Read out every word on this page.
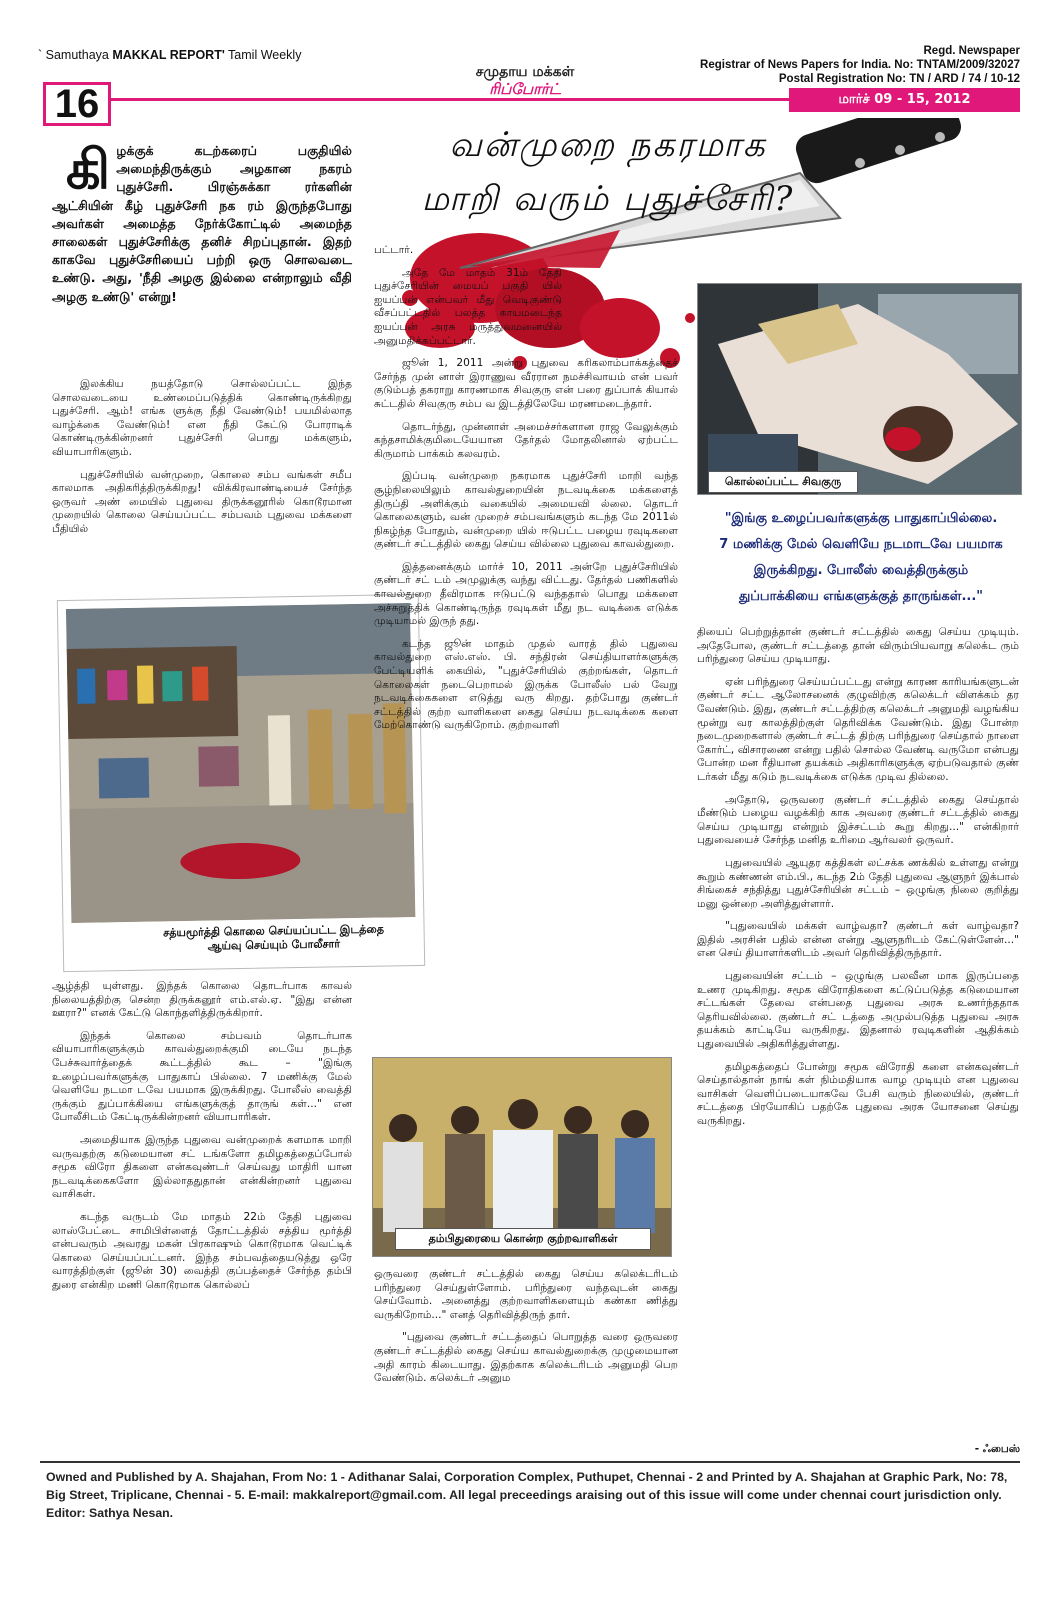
` Samuthaya MAKKAL REPORT' Tamil Weekly	Regd. Newspaper
Registrar of News Papers for India. No: TNTAM/2009/32027
Postal Registration No: TN / ARD / 74 / 10-12
16
சமுதாய மக்கள்
ரிப்போர்ட்
மார்ச் 09 - 15, 2012
வன்முறை நகரமாக
மாறி வரும் புதுச்சேரி?
கிழக்குக் கடற்கரைப் பகுதியில் அமைந்திருக்கும் அழகான நகரம் புதுச்சேரி. பிரஞ்சுக்கா ரர்களின் ஆட்சியின் கீழ் புதுச்சேரி நக ரம் இருந்தபோது அவர்கள் அமைத்த நேர்க்கோட்டில் அமைந்த சாலைகள் புதுச்சேரிக்கு தனிச் சிறப்புதான். இதற் காகவே புதுச்சேரியைப் பற்றி ஒரு சொலவடை உண்டு. அது, 'நீதி அழகு இல்லை என்றாலும் வீதி அழகு உண்டு' என்று!

இலக்கிய நயத்தோடு சொல்லப்பட்ட இந்த சொலவடையை உண்மைப்படுத்திக் கொண்டிருக்கிறது புதுச்சேரி. ஆம்! எங்க ளுக்கு நீதி வேண்டும்! பயமில்லாத வாழ்க்கை வேண்டும்! என நீதி கேட்டு போராடிக் கொண்டிருக்கின்றனர் புதுச்சேரி பொது மக்களும், வியாபாரிகளும்.

புதுச்சேரியில் வன்முறை, கொலை சம்ப வங்கள் சமீப காலமாக அதிகரித்திருக்கிறது! விக்கிரவாண்டியைச் சேர்ந்த ஒருவர் அண் மையில் புதுவை திருக்கனூரில் கொடூரமான முறையில் கொலை செய்யப்பட்ட சம்பவம் புதுவை மக்களை பீதியில்

சத்யமூர்த்தி கொலை செய்யப்பட்ட இடத்தை ஆய்வு செய்யும் போலீசார்

ஆழ்த்தி யுள்ளது. இந்தக் கொலை தொடர்பாக காவல் நிலையத்திற்கு சென்ற திருக்கனூர் எம்.எல்.ஏ. "இது என்ன ஊரா?" எனக் கேட்டு கொந்தளித்திருக்கிறார்.

இந்தக் கொலை சம்பவம் தொடர்பாக வியாபாரிகளுக்கும் காவல்துறைக்குமி டையே நடந்த பேச்சுவார்த்தைக் கூட்டத்தில் கூட – "இங்கு உழைப்பவர்களுக்கு பாதுகாப் பில்லை. 7 மணிக்கு மேல் வெளியே நடமா டவே பயமாக இருக்கிறது. போலீஸ் வைத்தி ருக்கும் துப்பாக்கியை எங்களுக்குத் தாருங் கள்..." என போலீசிடம் கேட்டிருக்கின்றனர் வியாபாரிகள்.

அமைதியாக இருந்த புதுவை வன்முறைக் களமாக மாறி வருவதற்கு கடுமையான சட் டங்களோ தமிழகத்தைப்போல் சமூக விரோ திகளை என்கவுண்டர் செய்வது மாதிரி யான நடவடிக்கைகளோ இல்லாததுதான் என்கின்றனர் புதுவை வாசிகள்.

கடந்த வருடம் மே மாதம் 22ம் தேதி புதுவை லாஸ்பேட்டை சாமிபிள்ளைத் தோட்டத்தில் சத்திய மூர்த்தி என்பவரும் அவரது மகன் பிரகாஷும் கொடூரமாக வெட்டிக் கொலை செய்யப்பட்டனர். இந்த சம்பவத்தையடுத்து ஒரே வாரத்திற்குள் (ஜூன் 30) வைத்தி குப்பத்தைச் சேர்ந்த தம்பி துரை என்கிற மணி கொடூரமாக கொல்லப்

பட்டார்.

அதே மே மாதம் 31ம் தேதி புதுச்சேரியின் மையப் பகுதி யில் ஐயப்பன் என்பவர் மீது வெடிகுண்டு வீசப்பட்டதில் பலத்த காயமடைந்த ஐயப்பன் அரசு மருத்துவமனையில் அனுமதிக்கப்பட்டார்.

ஜூன் 1, 2011 அன்று புதுவை கரிகலாம்பாக்கத்தைச் சேர்ந்த முன் னாள் இராணுவ வீரரான நமச்சிவாயம் என் பவர் குடும்பத் தகராறு காரணமாக சிவகுரு என் பரை துப்பாக் கியால் சுட்டதில் சிவகுரு சம்ப வ இடத்திலேயே மரணமடைந்தார்.

தொடர்ந்து, முன்னாள் அமைச்சர்களான ராஜ வேலுக்கும் கந்தசாமிக்குமிடையேயான தேர்தல் மோதலினால் ஏற்பட்ட கிருமாம் பாக்கம் கலவரம்.

இப்படி வன்முறை நகரமாக புதுச்சேரி மாறி வந்த சூழ்நிலையிலும் காவல்துறையின் நடவடிக்கை மக்களைத் திருப்தி அளிக்கும் வகையில் அமையவி ல்லை. தொடர் கொலைகளும், வன் முறைச் சம்பவங்களும் கடந்த மே 2011ல் நிகழ்ந்த போதும், வன்முறை யில் ஈடுபட்ட பழைய ரவுடிகளை குண்டர் சட்டத்தில் கைது செய்ய வில்லை புதுவை காவல்துறை.

இத்தனைக்கும் மார்ச் 10, 2011 அன்றே புதுச்சேரியில் குண்டர் சட் டம் அமுலுக்கு வந்து விட்டது. தேர்தல் பணிகளில் காவல்துறை தீவிரமாக ஈடுபட்டு வந்ததால் பொது மக்களை அச்சுறுத்திக் கொண்டிருந்த ரவுடிகள் மீது நட வடிக்கை எடுக்க முடியாமல் இருந் தது.

கடந்த ஜூன் மாதம் முதல் வாரத் தில் புதுவை காவல்துறை எஸ்.எஸ். பி. சந்திரன் செய்தியாளர்களுக்கு பேட்டியளிக் கையில், "புதுச்சேரியில் குற்றங்கள், தொடர் கொலைகள் நடைபெறாமல் இருக்க போலீஸ் பல் வேறு நடவடிக்கைகளை எடுத்து வரு கிறது. தற்போது குண்டர் சட்டத்தில் குற்ற வாளிகளை கைது செய்ய நடவடிக்கை களை மேற்கொண்டு வருகிறோம். குற்றவாளி

தம்பிதுரையை கொன்ற குற்றவாளிகள்

ஒருவரை குண்டர் சட்டத்தில் கைது செய்ய கலெக்டரிடம் பரிந்துரை செய்துள்ளோம். பரிந்துரை வந்தவுடன் கைது செய்வோம். அனைத்து குற்றவாளிகளையும் கண்கா ணித்து வருகிறோம்..." எனத் தெரிவித்திருந் தார்.

"புதுவை குண்டர் சட்டத்தைப் பொறுத்த வரை ஒருவரை குண்டர் சட்டத்தில் கைது செய்ய காவல்துறைக்கு முழுமையான அதி காரம் கிடையாது. இதற்காக கலெக்டரிடம் அனுமதி பெற வேண்டும். கலெக்டர் அனும

கொல்லப்பட்ட சிவகுரு
"இங்கு உழைப்பவர்களுக்கு பாதுகாப்பில்லை.
7 மணிக்கு மேல் வெளியே நடமாடவே பயமாக
இருக்கிறது. போலீஸ் வைத்திருக்கும்
துப்பாக்கியை எங்களுக்குத் தாருங்கள்..."

தியைப் பெற்றுத்தான் குண்டர் சட்டத்தில் கைது செய்ய முடியும். அதேபோல, குண்டர் சட்டத்தை தான் விரும்பியவாறு கலெக்ட ரும் பரிந்துரை செய்ய முடியாது.

ஏன் பரிந்துரை செய்யப்பட்டது என்று காரண காரியங்களுடன் குண்டர் சட்ட ஆலோசனைக் குழுவிற்கு கலெக்டர் விளக்கம் தர வேண்டும். இது, குண்டர் சட்டத்திற்கு கலெக்டர் அனுமதி வழங்கிய மூன்று வர காலத்திற்குள் தெரிவிக்க வேண்டும். இது போன்ற நடைமுறைகளால் குண்டர் சட்டத் திற்கு பரிந்துரை செய்தால் நாளை கோர்ட், விசாரணை என்று பதில் சொல்ல வேண்டி வருமோ என்பது போன்ற மன ரீதியான தயக்கம் அதிகாரிகளுக்கு ஏற்படுவதால் குண் டர்கள் மீது கடும் நடவடிக்கை எடுக்க முடிவ தில்லை.

அதோடு, ஒருவரை குண்டர் சட்டத்தில் கைது செய்தால் மீண்டும் பழைய வழக்கிற் காக அவரை குண்டர் சட்டத்தில் கைது செய்ய முடியாது என்றும் இச்சட்டம் கூறு கிறது..." என்கிறார் புதுவையைச் சேர்ந்த மனித உரிமை ஆர்வலர் ஒருவர்.

புதுவையில் ஆயுதர கத்திகள் லட்சக்க ணக்கில் உள்ளது என்று கூறும் கண்ணன் எம்.பி., கடந்த 2ம் தேதி புதுவை ஆளுநர் இக்பால் சிங்கைச் சந்தித்து புதுச்சேரியின் சட்டம் – ஒழுங்கு நிலை குறித்து மனு ஒன்றை அளித்துள்ளார்.

"புதுவையில் மக்கள் வாழ்வதா? குண்டர் கள் வாழ்வதா? இதில் அரசின் பதில் என்ன என்று ஆளுநரிடம் கேட்டுள்ளேன்..." என செய் தியாளர்களிடம் அவர் தெரிவித்திருந்தார்.

புதுவையின் சட்டம் – ஒழுங்கு பலவீன மாக இருப்பதை உணர முடிகிறது. சமூக விரோதிகளை கட்டுப்படுத்த கடுமையான சட்டங்கள் தேவை என்பதை புதுவை அரசு உணர்ந்ததாக தெரியவில்லை. குண்டர் சட் டத்தை அமுல்படுத்த புதுவை அரசு தயக்கம் காட்டியே வருகிறது. இதனால் ரவுடிகளின் ஆதிக்கம் புதுவையில் அதிகரித்துள்ளது.

தமிழகத்தைப் போன்று சமூக விரோதி களை என்கவுண்டர் செய்தால்தான் நாங் கள் நிம்மதியாக வாழ முடியும் என புதுவை வாசிகள் வெளிப்படையாகவே பேசி வரும் நிலையில், குண்டர் சட்டத்தை பிரயோகிப் பதற்கே புதுவை அரசு யோசனை செய்து வருகிறது.

- ஃபைஸ்
Owned and Published by A. Shajahan, From No: 1 - Adithanar Salai, Corporation Complex, Puthupet, Chennai - 2 and Printed by A. Shajahan at Graphic Park, No: 78,
Big Street, Triplicane, Chennai - 5. E-mail: makkalreport@gmail.com. All legal preceedings araising out of this issue will come under chennai court jurisdiction only.
Editor: Sathya Nesan.
